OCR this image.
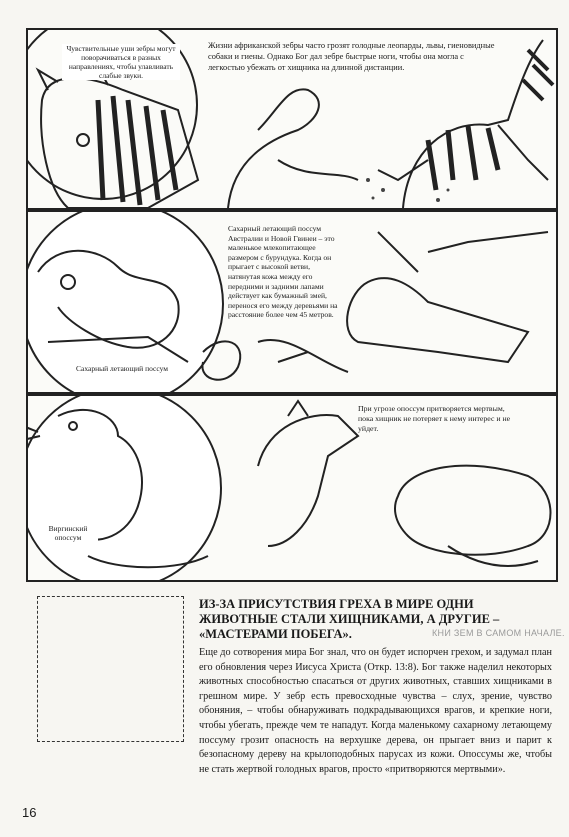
Чувствительные уши зебры могут поворачиваться в разных направлениях, чтобы улавливать слабые звуки.
Жизни африканской зебры часто грозят голодные леопарды, львы, гиеновидные собаки и гиены. Однако Бог дал зебре быстрые ноги, чтобы она могла с легкостью убежать от хищника на длинной дистанции.
Сахарный летающий поссум Австралии и Новой Гвинеи – это маленькое млекопитающее размером с бурундука. Когда он прыгает с высокой ветви, натянутая кожа между его передними и задними лапами действует как бумажный змей, перенося его между деревьями на расстояние более чем 45 метров.
Сахарный летающий поссум
При угрозе опоссум притворяется мертвым, пока хищник не потеряет к нему интерес и не уйдет.
Виргинский опоссум
ИЗ-ЗА ПРИСУТСТВИЯ ГРЕХА В МИРЕ ОДНИ ЖИВОТНЫЕ СТАЛИ ХИЩНИКАМИ, А ДРУГИЕ – «МАСТЕРАМИ ПОБЕГА».	КНИ ЗЕМ В САМОМ НАЧАЛЕ.
Еще до сотворения мира Бог знал, что он будет испорчен грехом, и задумал план его обновления через Иисуса Христа (Откр. 13:8). Бог также наделил некоторых животных способностью спасаться от других животных, ставших хищниками в грешном мире. У зебр есть превосходные чувства – слух, зрение, чувство обоняния, – чтобы обнаруживать подкрадывающихся врагов, и крепкие ноги, чтобы убегать, прежде чем те нападут. Когда маленькому сахарному летающему поссуму грозит опасность на верхушке дерева, он прыгает вниз и парит к безопасному дереву на крылоподобных парусах из кожи. Опоссумы же, чтобы не стать жертвой голодных врагов, просто «притворяются мертвыми».
16
